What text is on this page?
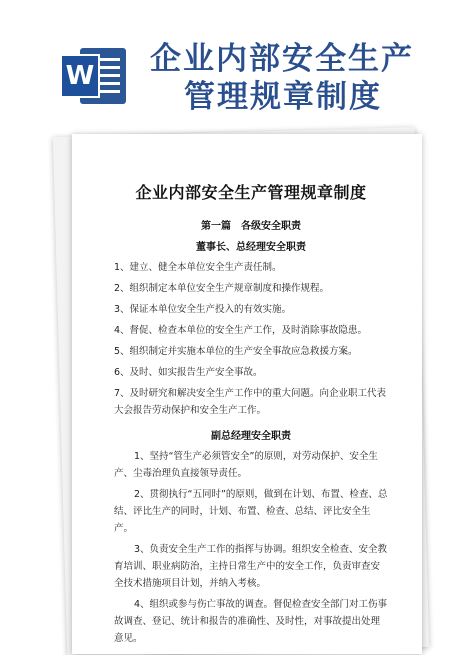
W 企业内部安全生产
管理规章制度
企业内部安全生产管理规章制度
第一篇　各级安全职责
董事长、总经理安全职责
1、建立、健全本单位安全生产责任制。
2、组织制定本单位安全生产规章制度和操作规程。
3、保证本单位安全生产投入的有效实施。
4、督促、检查本单位的安全生产工作，及时消除事故隐患。
5、组织制定并实施本单位的生产安全事故应急救援方案。
6、及时、如实报告生产安全事故。
7、及时研究和解决安全生产工作中的重大问题。向企业职工代表大会报告劳动保护和安全生产工作。
副总经理安全职责
1、坚持“管生产必须管安全”的原则，对劳动保护、安全生产、尘毒治理负直接领导责任。
2、贯彻执行“五同时”的原则，做到在计划、布置、检查、总结、评比生产的同时，计划、布置、检查、总结、评比安全生产。
3、负责安全生产工作的指挥与协调。组织安全检查、安全教育培训、职业病防治，主持日常生产中的安全工作，负责审查安全技术措施项目计划，并纳入考核。
4、组织或参与伤亡事故的调查。督促检查安全部门对工伤事故调查、登记、统计和报告的准确性、及时性，对事故提出处理意见。
